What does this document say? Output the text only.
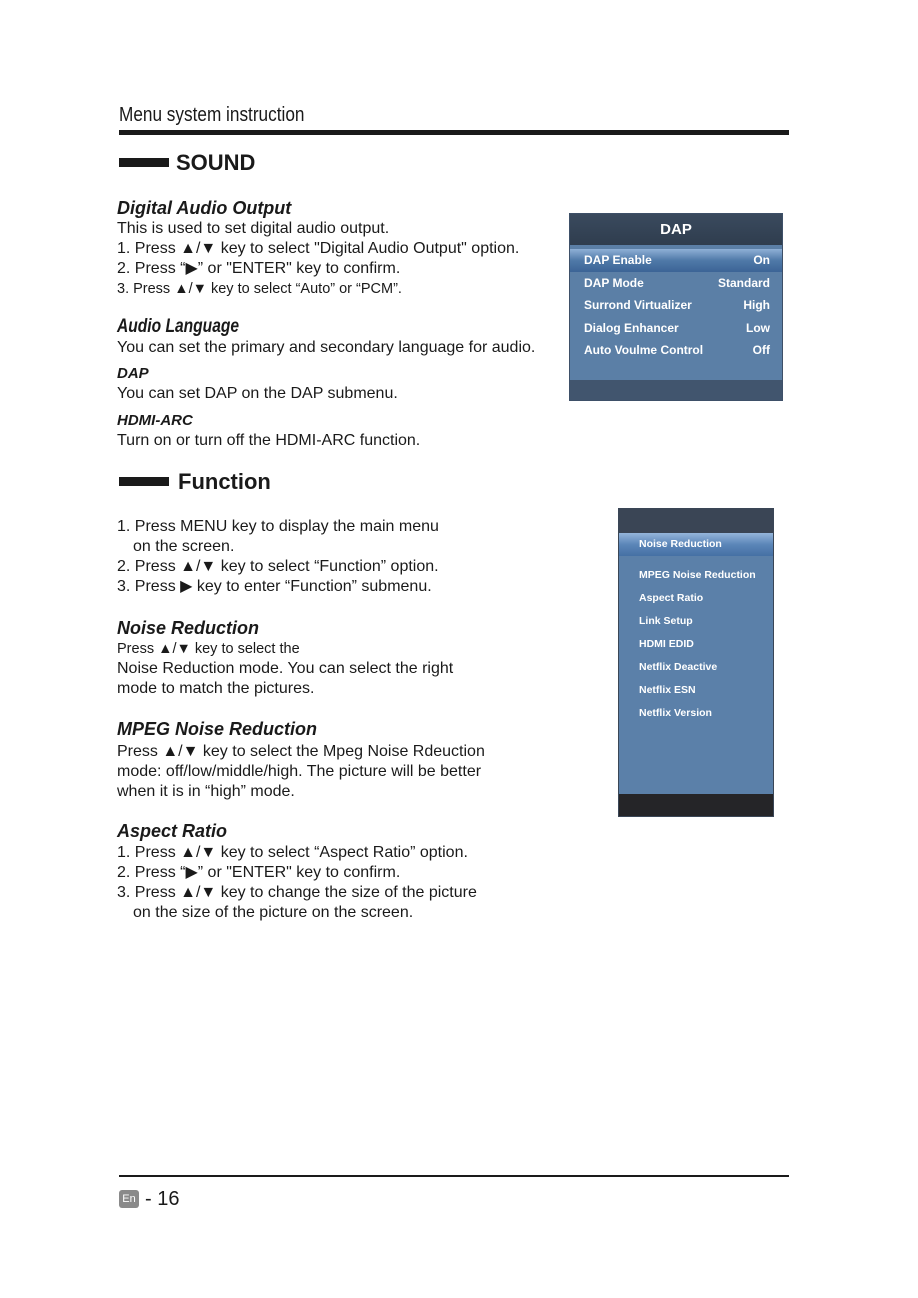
Menu system instruction
SOUND
Digital Audio Output
This is used to set digital audio output.
1. Press ▲/▼ key to select "Digital Audio Output" option.
2. Press “▶” or "ENTER" key to confirm.
3. Press ▲/▼ key to select “Auto” or “PCM”.
Audio Language
You can set the primary and secondary language for audio.
DAP
You can set DAP on the DAP submenu.
HDMI-ARC
Turn on or turn off the HDMI-ARC function.
DAP
DAP Enable	On
DAP Mode	Standard
Surrond Virtualizer	High
Dialog Enhancer	Low
Auto Voulme Control	Off
Function
1. Press MENU key to display the main menu
on the screen.
2. Press ▲/▼ key to select “Function” option.
3. Press ▶ key to enter “Function” submenu.
Noise Reduction
Press ▲/▼ key to select the
Noise Reduction mode. You can select the right
mode to match the pictures.
MPEG Noise Reduction
Press ▲/▼ key to select the Mpeg Noise Rdeuction
mode: off/low/middle/high. The picture will be better
when it is in “high” mode.
Aspect Ratio
1. Press ▲/▼ key to select “Aspect Ratio” option.
2. Press “▶” or "ENTER" key to confirm.
3. Press ▲/▼ key to change the size of the picture
on the size of the picture on the screen.
Noise Reduction
MPEG Noise Reduction
Aspect Ratio
Link Setup
HDMI EDID
Netflix Deactive
Netflix ESN
Netflix Version
En - 16
